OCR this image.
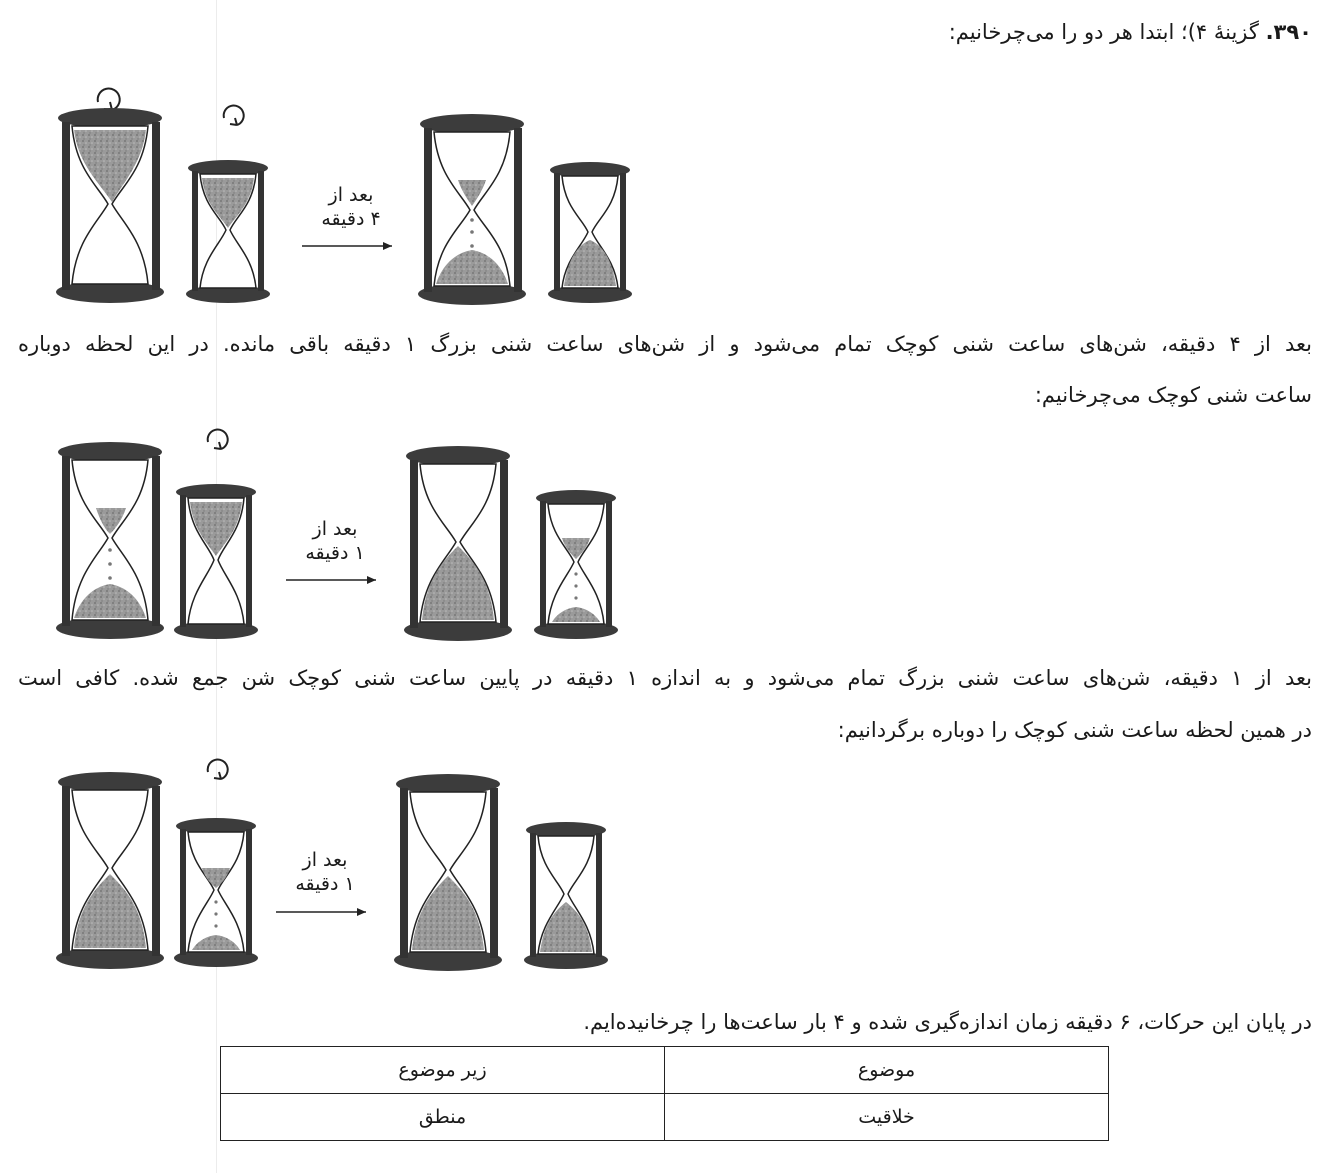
۳۹۰. گزینهٔ ۴)؛ ابتدا هر دو را می‌چرخانیم:
بعد از
۴ دقیقه
بعد از ۴ دقیقه، شن‌های ساعت شنی کوچک تمام می‌شود و از شن‌های ساعت شنی بزرگ ۱ دقیقه باقی مانده. در این لحظه دوباره
ساعت شنی کوچک می‌چرخانیم:
بعد از
۱ دقیقه
بعد از ۱ دقیقه، شن‌های ساعت شنی بزرگ تمام می‌شود و به اندازه ۱ دقیقه در پایین ساعت شنی کوچک شن جمع شده. کافی است
در همین لحظه ساعت شنی کوچک را دوباره برگردانیم:
بعد از
۱ دقیقه
در پایان این حرکات، ۶ دقیقه زمان اندازه‌گیری شده و ۴ بار ساعت‌ها را چرخانیده‌ایم.
موضوع	زیر موضوع
خلاقیت	منطق
